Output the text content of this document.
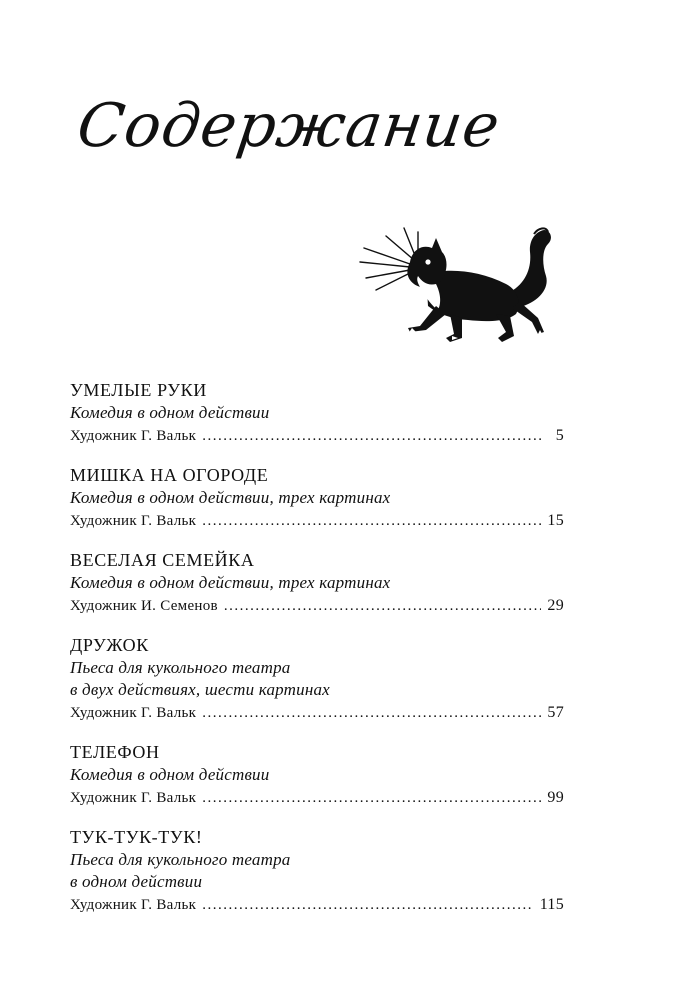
Содержание
УМЕЛЫЕ РУКИ
Комедия в одном действии
Художник Г. Вальк .....	5
МИШКА НА ОГОРОДЕ
Комедия в одном действии, трех картинах
Художник Г. Вальк .....	15
ВЕСЕЛАЯ СЕМЕЙКА
Комедия в одном действии, трех картинах
Художник И. Семенов .....	29
ДРУЖОК
Пьеса для кукольного театра
в двух действиях, шести картинах
Художник Г. Вальк .....	57
ТЕЛЕФОН
Комедия в одном действии
Художник Г. Вальк .....	99
ТУК-ТУК-ТУК!
Пьеса для кукольного театра
в одном действии
Художник Г. Вальк .....	115
